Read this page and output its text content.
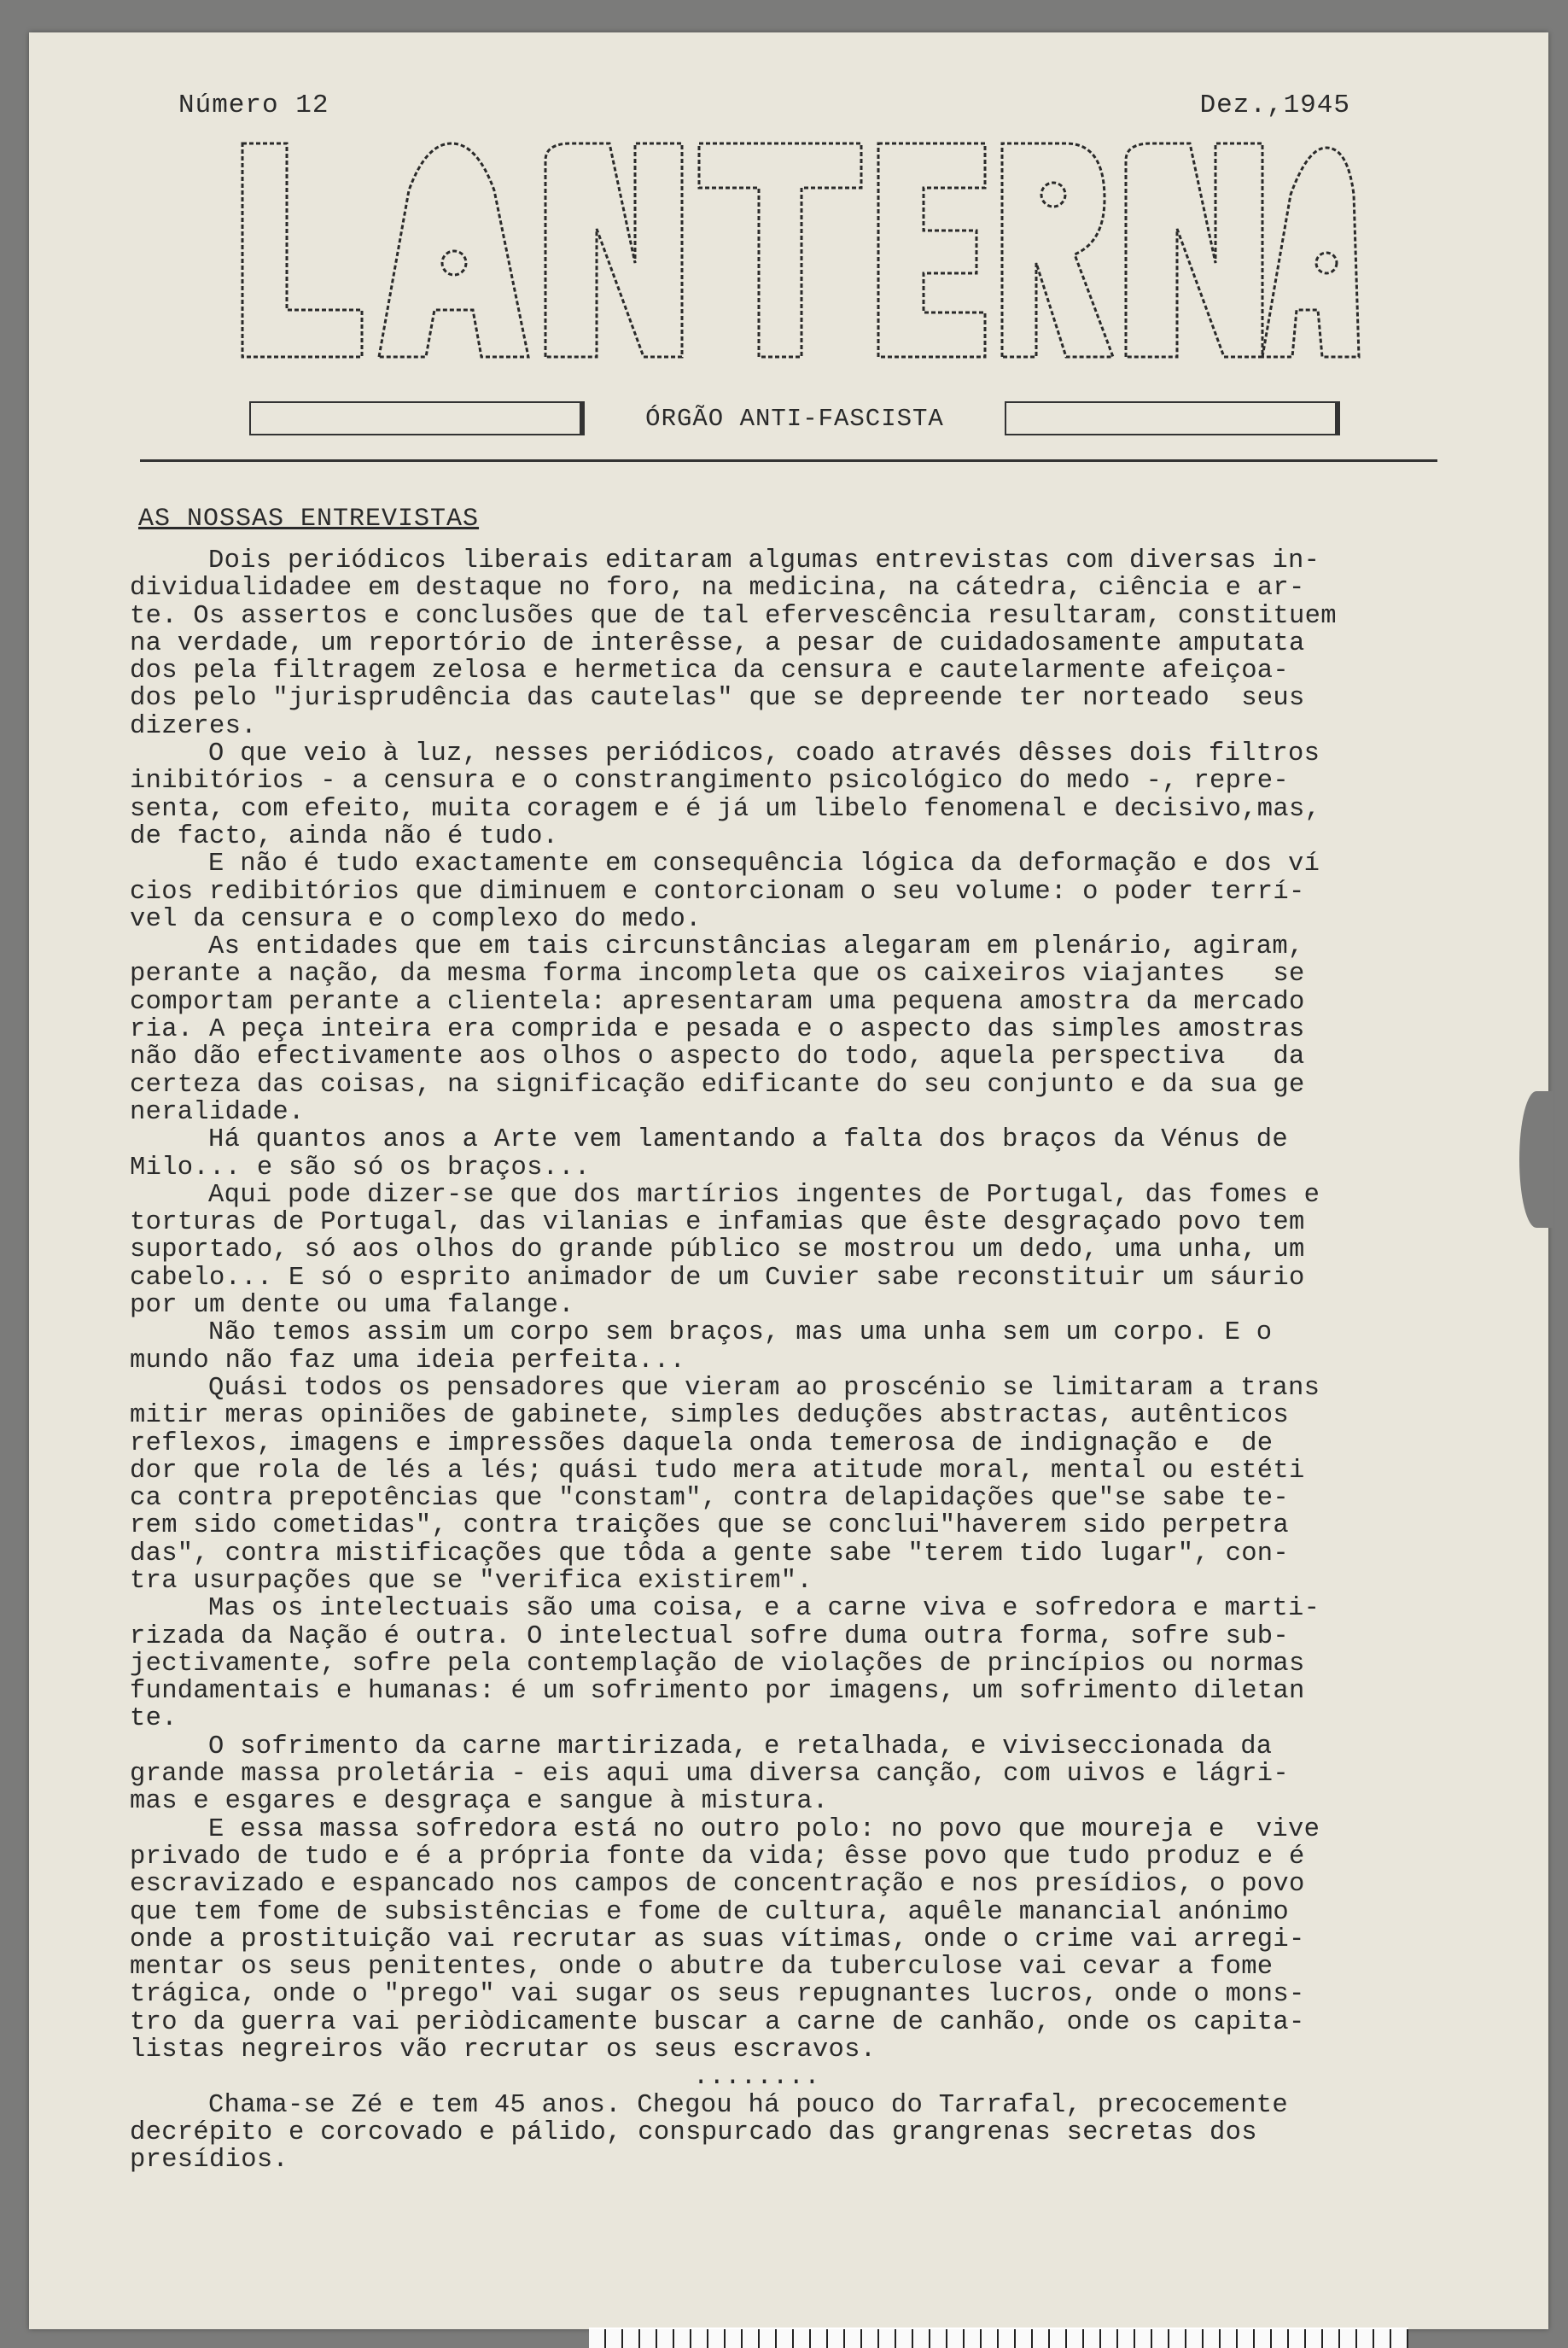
Número 12	Dez.,1945
LANTERNA
ÓRGÃO ANTI-FASCISTA
AS NOSSAS ENTREVISTAS
Dois periódicos liberais editaram algumas entrevistas com diversas in-
dividualidadee em destaque no foro, na medicina, na cátedra, ciência e ar-
te. Os assertos e conclusões que de tal efervescência resultaram, constituem
na verdade, um reportório de interêsse, a pesar de cuidadosamente amputata
dos pela filtragem zelosa e hermetica da censura e cautelarmente afeiçoa-
dos pelo "jurisprudência das cautelas" que se depreende ter norteado  seus
dizeres.
O que veio à luz, nesses periódicos, coado através dêsses dois filtros
inibitórios - a censura e o constrangimento psicológico do medo -, repre-
senta, com efeito, muita coragem e é já um libelo fenomenal e decisivo,mas,
de facto, ainda não é tudo.
E não é tudo exactamente em consequência lógica da deformação e dos ví
cios redibitórios que diminuem e contorcionam o seu volume: o poder terrí-
vel da censura e o complexo do medo.
As entidades que em tais circunstâncias alegaram em plenário, agiram,
perante a nação, da mesma forma incompleta que os caixeiros viajantes   se
comportam perante a clientela: apresentaram uma pequena amostra da mercado
ria. A peça inteira era comprida e pesada e o aspecto das simples amostras
não dão efectivamente aos olhos o aspecto do todo, aquela perspectiva   da
certeza das coisas, na significação edificante do seu conjunto e da sua ge
neralidade.
Há quantos anos a Arte vem lamentando a falta dos braços da Vénus de
Milo... e são só os braços...
Aqui pode dizer-se que dos martírios ingentes de Portugal, das fomes e
torturas de Portugal, das vilanias e infamias que êste desgraçado povo tem
suportado, só aos olhos do grande público se mostrou um dedo, uma unha, um
cabelo... E só o esprito animador de um Cuvier sabe reconstituir um sáurio
por um dente ou uma falange.
Não temos assim um corpo sem braços, mas uma unha sem um corpo. E o
mundo não faz uma ideia perfeita...
Quási todos os pensadores que vieram ao proscénio se limitaram a trans
mitir meras opiniões de gabinete, simples deduções abstractas, autênticos
reflexos, imagens e impressões daquela onda temerosa de indignação e  de
dor que rola de lés a lés; quási tudo mera atitude moral, mental ou estéti
ca contra prepotências que "constam", contra delapidações que"se sabe te-
rem sido cometidas", contra traições que se conclui"haverem sido perpetra
das", contra mistificações que tôda a gente sabe "terem tido lugar", con-
tra usurpações que se "verifica existirem".
Mas os intelectuais são uma coisa, e a carne viva e sofredora e marti-
rizada da Nação é outra. O intelectual sofre duma outra forma, sofre sub-
jectivamente, sofre pela contemplação de violações de princípios ou normas
fundamentais e humanas: é um sofrimento por imagens, um sofrimento diletan
te.
O sofrimento da carne martirizada, e retalhada, e viviseccionada da
grande massa proletária - eis aqui uma diversa canção, com uivos e lágri-
mas e esgares e desgraça e sangue à mistura.
E essa massa sofredora está no outro polo: no povo que moureja e  vive
privado de tudo e é a própria fonte da vida; êsse povo que tudo produz e é
escravizado e espancado nos campos de concentração e nos presídios, o povo
que tem fome de subsistências e fome de cultura, aquêle manancial anónimo
onde a prostituição vai recrutar as suas vítimas, onde o crime vai arregi-
mentar os seus penitentes, onde o abutre da tuberculose vai cevar a fome
trágica, onde o "prego" vai sugar os seus repugnantes lucros, onde o mons-
tro da guerra vai periòdicamente buscar a carne de canhão, onde os capita-
listas negreiros vão recrutar os seus escravos.
........
Chama-se Zé e tem 45 anos. Chegou há pouco do Tarrafal, precocemente
decrépito e corcovado e pálido, conspurcado das grangrenas secretas dos
presídios.
